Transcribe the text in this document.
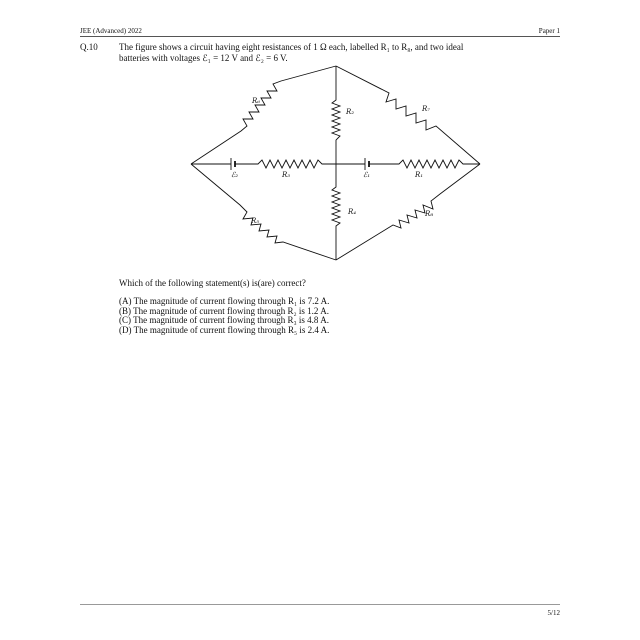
JEE (Advanced) 2022	Paper 1
Q.10 The figure shows a circuit having eight resistances of 1 Ω each, labelled R₁ to R₈, and two ideal
batteries with voltages ℰ₁ = 12 V and ℰ₂ = 6 V.
R₆
R₂	R₇
ℰ₂	R₃	ℰ₁	R₁
R₄
R₅
R₈
Which of the following statement(s) is(are) correct?
(A) The magnitude of current flowing through R₁ is 7.2 A.
(B) The magnitude of current flowing through R₂ is 1.2 A.
(C) The magnitude of current flowing through R₃ is 4.8 A.
(D) The magnitude of current flowing through R₅ is 2.4 A.
5/12
